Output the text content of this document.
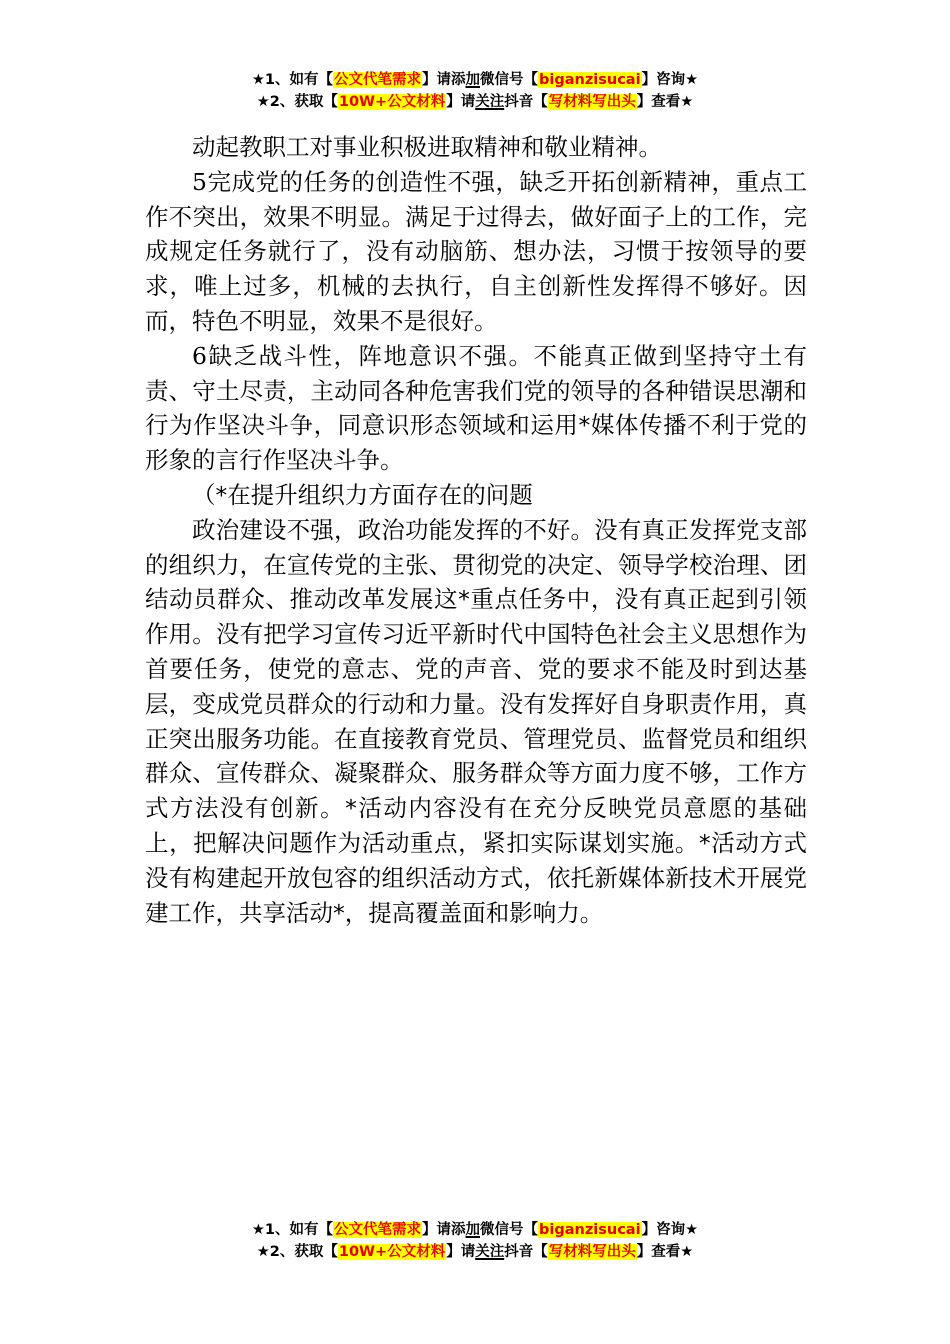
★1、如有【公文代笔需求】请添加微信号【biganzisucai】咨询★
★2、获取【10W+公文材料】请关注抖音【写材料写出头】查看★

动起教职工对事业积极进取精神和敬业精神。

5完成党的任务的创造性不强，缺乏开拓创新精神，重点工作不突出，效果不明显。满足于过得去，做好面子上的工作，完成规定任务就行了，没有动脑筋、想办法，习惯于按领导的要求，唯上过多，机械的去执行，自主创新性发挥得不够好。因而，特色不明显，效果不是很好。

6缺乏战斗性，阵地意识不强。不能真正做到坚持守土有责、守土尽责，主动同各种危害我们党的领导的各种错误思潮和行为作坚决斗争，同意识形态领域和运用*媒体传播不利于党的形象的言行作坚决斗争。

（*在提升组织力方面存在的问题

政治建设不强，政治功能发挥的不好。没有真正发挥党支部的组织力，在宣传党的主张、贯彻党的决定、领导学校治理、团结动员群众、推动改革发展这*重点任务中，没有真正起到引领作用。没有把学习宣传习近平新时代中国特色社会主义思想作为首要任务，使党的意志、党的声音、党的要求不能及时到达基层，变成党员群众的行动和力量。没有发挥好自身职责作用，真正突出服务功能。在直接教育党员、管理党员、监督党员和组织群众、宣传群众、凝聚群众、服务群众等方面力度不够，工作方式方法没有创新。*活动内容没有在充分反映党员意愿的基础上，把解决问题作为活动重点，紧扣实际谋划实施。*活动方式没有构建起开放包容的组织活动方式，依托新媒体新技术开展党建工作，共享活动*，提高覆盖面和影响力。

★1、如有【公文代笔需求】请添加微信号【biganzisucai】咨询★
★2、获取【10W+公文材料】请关注抖音【写材料写出头】查看★
